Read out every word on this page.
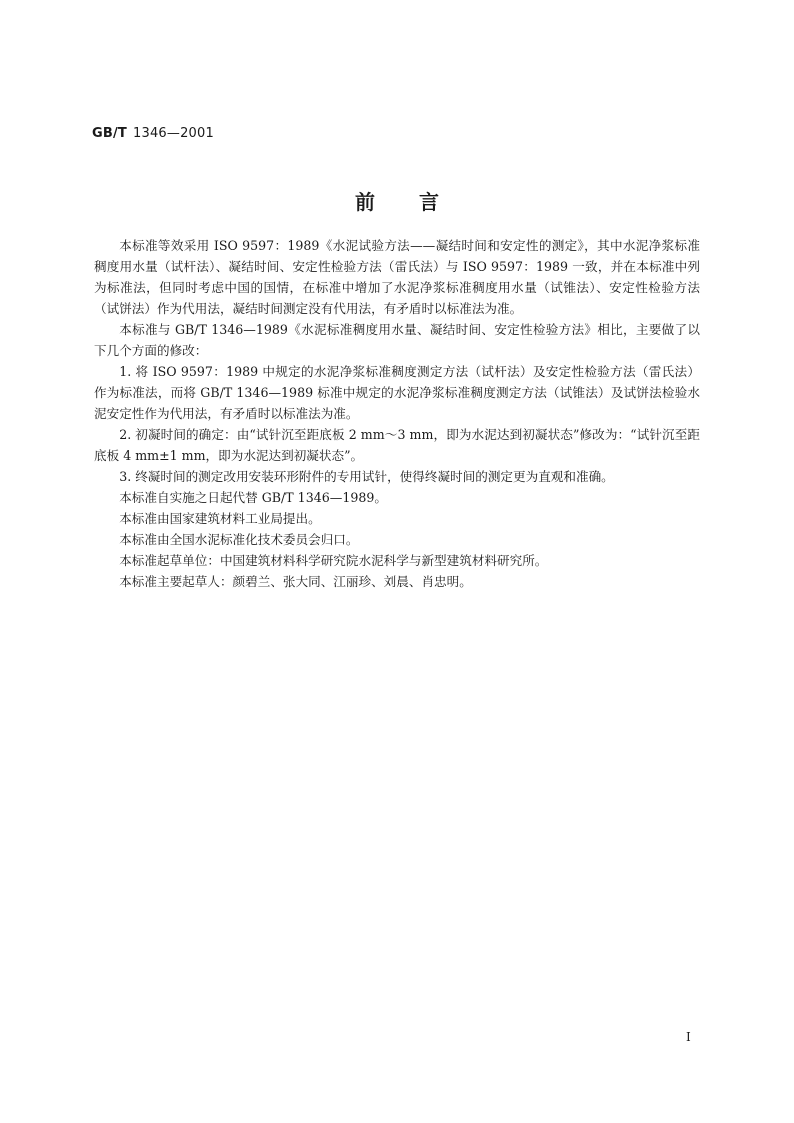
GB/T 1346—2001
前言

本标准等效采用 ISO 9597：1989《水泥试验方法——凝结时间和安定性的测定》，其中水泥净浆标准稠度用水量（试杆法）、凝结时间、安定性检验方法（雷氏法）与 ISO 9597：1989 一致，并在本标准中列为标准法，但同时考虑中国的国情，在标准中增加了水泥净浆标准稠度用水量（试锥法）、安定性检验方法（试饼法）作为代用法，凝结时间测定没有代用法，有矛盾时以标准法为准。

本标准与 GB/T 1346—1989《水泥标准稠度用水量、凝结时间、安定性检验方法》相比，主要做了以下几个方面的修改：

1. 将 ISO 9597：1989 中规定的水泥净浆标准稠度测定方法（试杆法）及安定性检验方法（雷氏法）作为标准法，而将 GB/T 1346—1989 标准中规定的水泥净浆标准稠度测定方法（试锥法）及试饼法检验水泥安定性作为代用法，有矛盾时以标准法为准。

2. 初凝时间的确定：由“试针沉至距底板 2 mm～3 mm，即为水泥达到初凝状态”修改为：“试针沉至距底板 4 mm±1 mm，即为水泥达到初凝状态”。

3. 终凝时间的测定改用安装环形附件的专用试针，使得终凝时间的测定更为直观和准确。

本标准自实施之日起代替 GB/T 1346—1989。

本标准由国家建筑材料工业局提出。

本标准由全国水泥标准化技术委员会归口。

本标准起草单位：中国建筑材料科学研究院水泥科学与新型建筑材料研究所。

本标准主要起草人：颜碧兰、张大同、江丽珍、刘晨、肖忠明。

I
